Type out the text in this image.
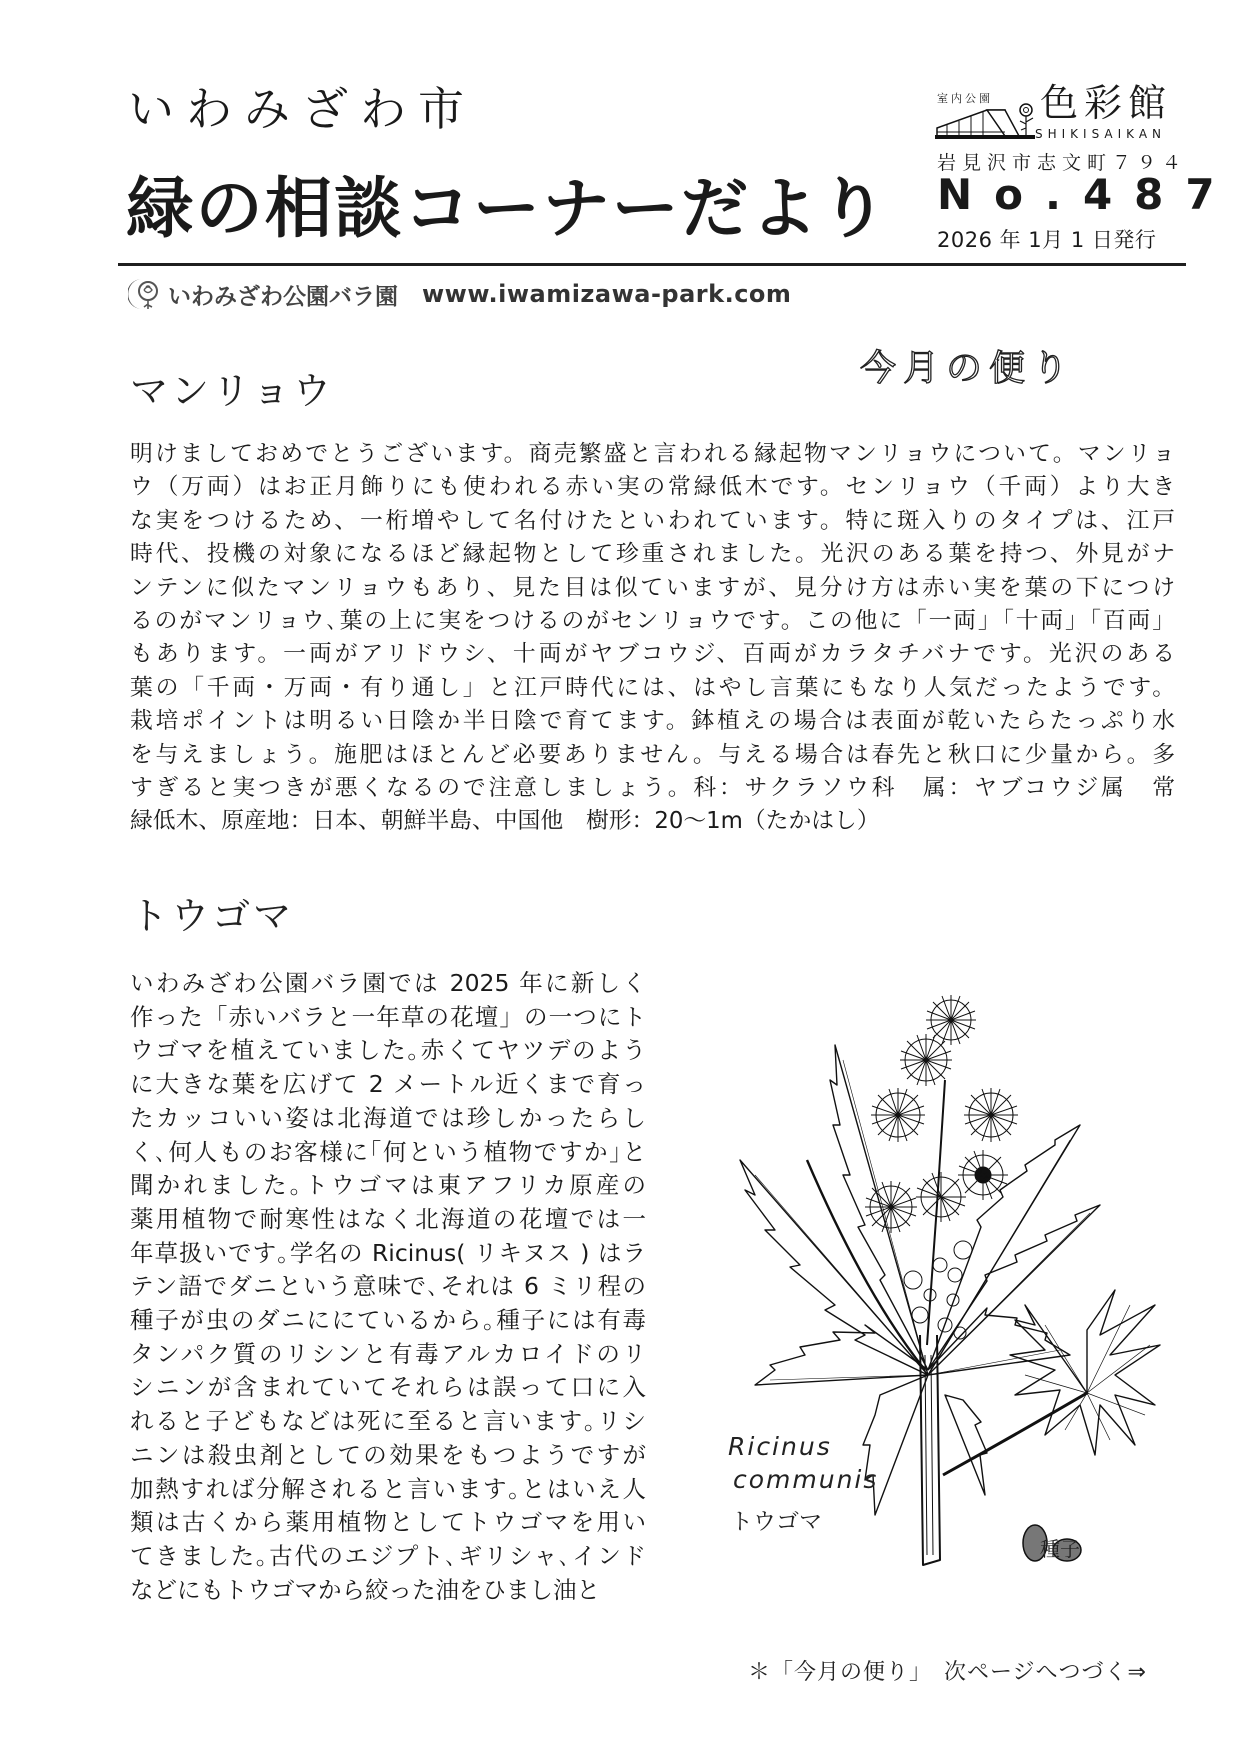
いわみざわ市
緑の相談コーナーだより
室内公園 色彩館
SHIKISAIKAN
岩見沢市志文町７９４
No.487
2026 年 1月 1 日発行
いわみざわ公園バラ園 www.iwamizawa-park.com
今月の便り
マンリョウ
明けましておめでとうございます。商売繁盛と言われる縁起物マンリョウについて。マンリョ
ウ（万両）はお正月飾りにも使われる赤い実の常緑低木です。センリョウ（千両）より大き
な実をつけるため、一桁増やして名付けたといわれています。特に斑入りのタイプは、江戸
時代、投機の対象になるほど縁起物として珍重されました。光沢のある葉を持つ、外見がナ
ンテンに似たマンリョウもあり、見た目は似ていますが、見分け方は赤い実を葉の下につけ
るのがマンリョウ､葉の上に実をつけるのがセンリョウです。この他に「一両」「十両」「百両」
もあります。一両がアリドウシ、十両がヤブコウジ、百両がカラタチバナです。光沢のある
葉の「千両・万両・有り通し」と江戸時代には、はやし言葉にもなり人気だったようです。
栽培ポイントは明るい日陰か半日陰で育てます。鉢植えの場合は表面が乾いたらたっぷり水
を与えましょう。施肥はほとんど必要ありません。与える場合は春先と秋口に少量から。多
すぎると実つきが悪くなるので注意しましょう。科：サクラソウ科　属：ヤブコウジ属　常
緑低木、原産地：日本、朝鮮半島、中国他　樹形：20～1m（たかはし）
トウゴマ
いわみざわ公園バラ園では 2025 年に新しく
作った「赤いバラと一年草の花壇」の一つにト
ウゴマを植えていました｡赤くてヤツデのよう
に大きな葉を広げて 2 メートル近くまで育っ
たカッコいい姿は北海道では珍しかったらし
く､何人ものお客様に｢何という植物ですか｣と
聞かれました｡トウゴマは東アフリカ原産の
薬用植物で耐寒性はなく北海道の花壇では一
年草扱いです｡学名の Ricinus( リキヌス ) はラ
テン語でダニという意味で､それは 6 ミリ程の
種子が虫のダニににているから｡種子には有毒
タンパク質のリシンと有毒アルカロイドのリ
シニンが含まれていてそれらは誤って口に入
れると子どもなどは死に至ると言います｡リシ
ニンは殺虫剤としての効果をもつようですが
加熱すれば分解されると言います｡とはいえ人
類は古くから薬用植物としてトウゴマを用い
てきました｡古代のエジプト､ギリシャ､インド
などにもトウゴマから絞った油をひまし油と
Ricinus
communis
トウゴマ
種子
＊「今月の便り」　次ページへつづく⇒
